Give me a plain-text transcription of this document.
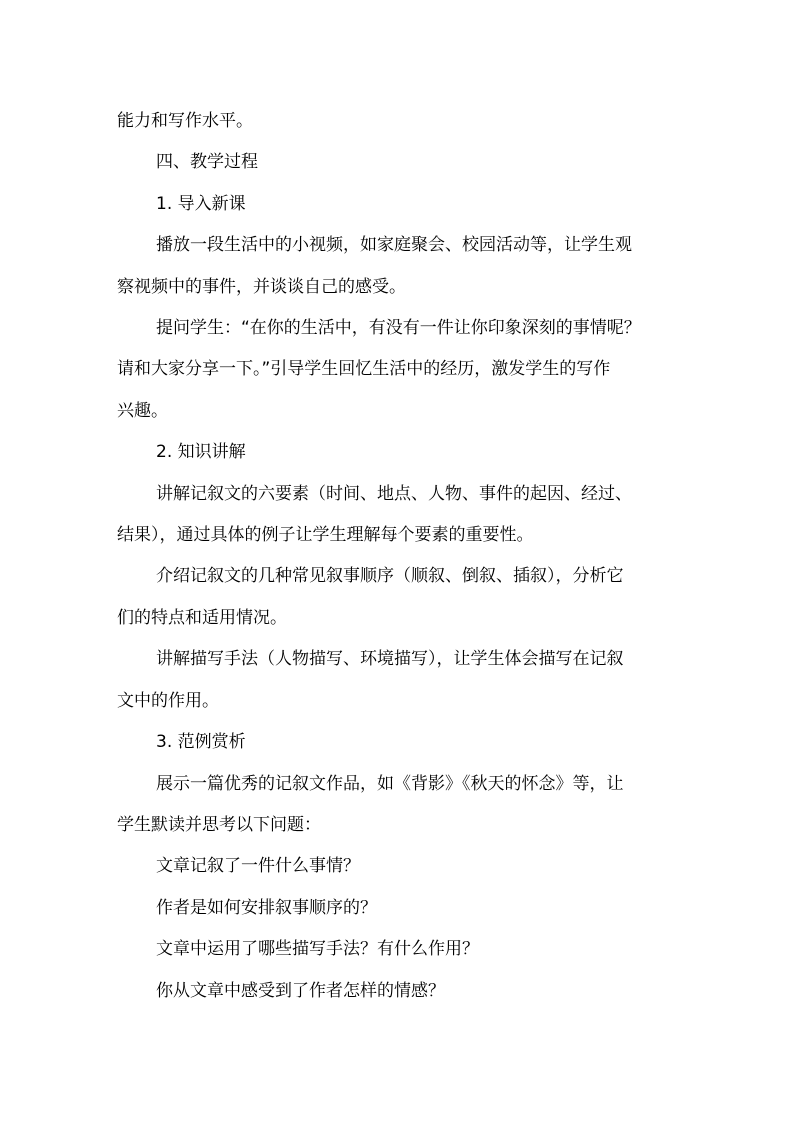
能力和写作水平。

四、教学过程

1. 导入新课

播放一段生活中的小视频，如家庭聚会、校园活动等，让学生观

察视频中的事件，并谈谈自己的感受。

提问学生：“在你的生活中，有没有一件让你印象深刻的事情呢？

请和大家分享一下。”引导学生回忆生活中的经历，激发学生的写作

兴趣。

2. 知识讲解

讲解记叙文的六要素（时间、地点、人物、事件的起因、经过、

结果），通过具体的例子让学生理解每个要素的重要性。

介绍记叙文的几种常见叙事顺序（顺叙、倒叙、插叙），分析它

们的特点和适用情况。

讲解描写手法（人物描写、环境描写），让学生体会描写在记叙

文中的作用。

3. 范例赏析

展示一篇优秀的记叙文作品，如《背影》《秋天的怀念》等，让

学生默读并思考以下问题：

文章记叙了一件什么事情？

作者是如何安排叙事顺序的？

文章中运用了哪些描写手法？有什么作用？

你从文章中感受到了作者怎样的情感？
